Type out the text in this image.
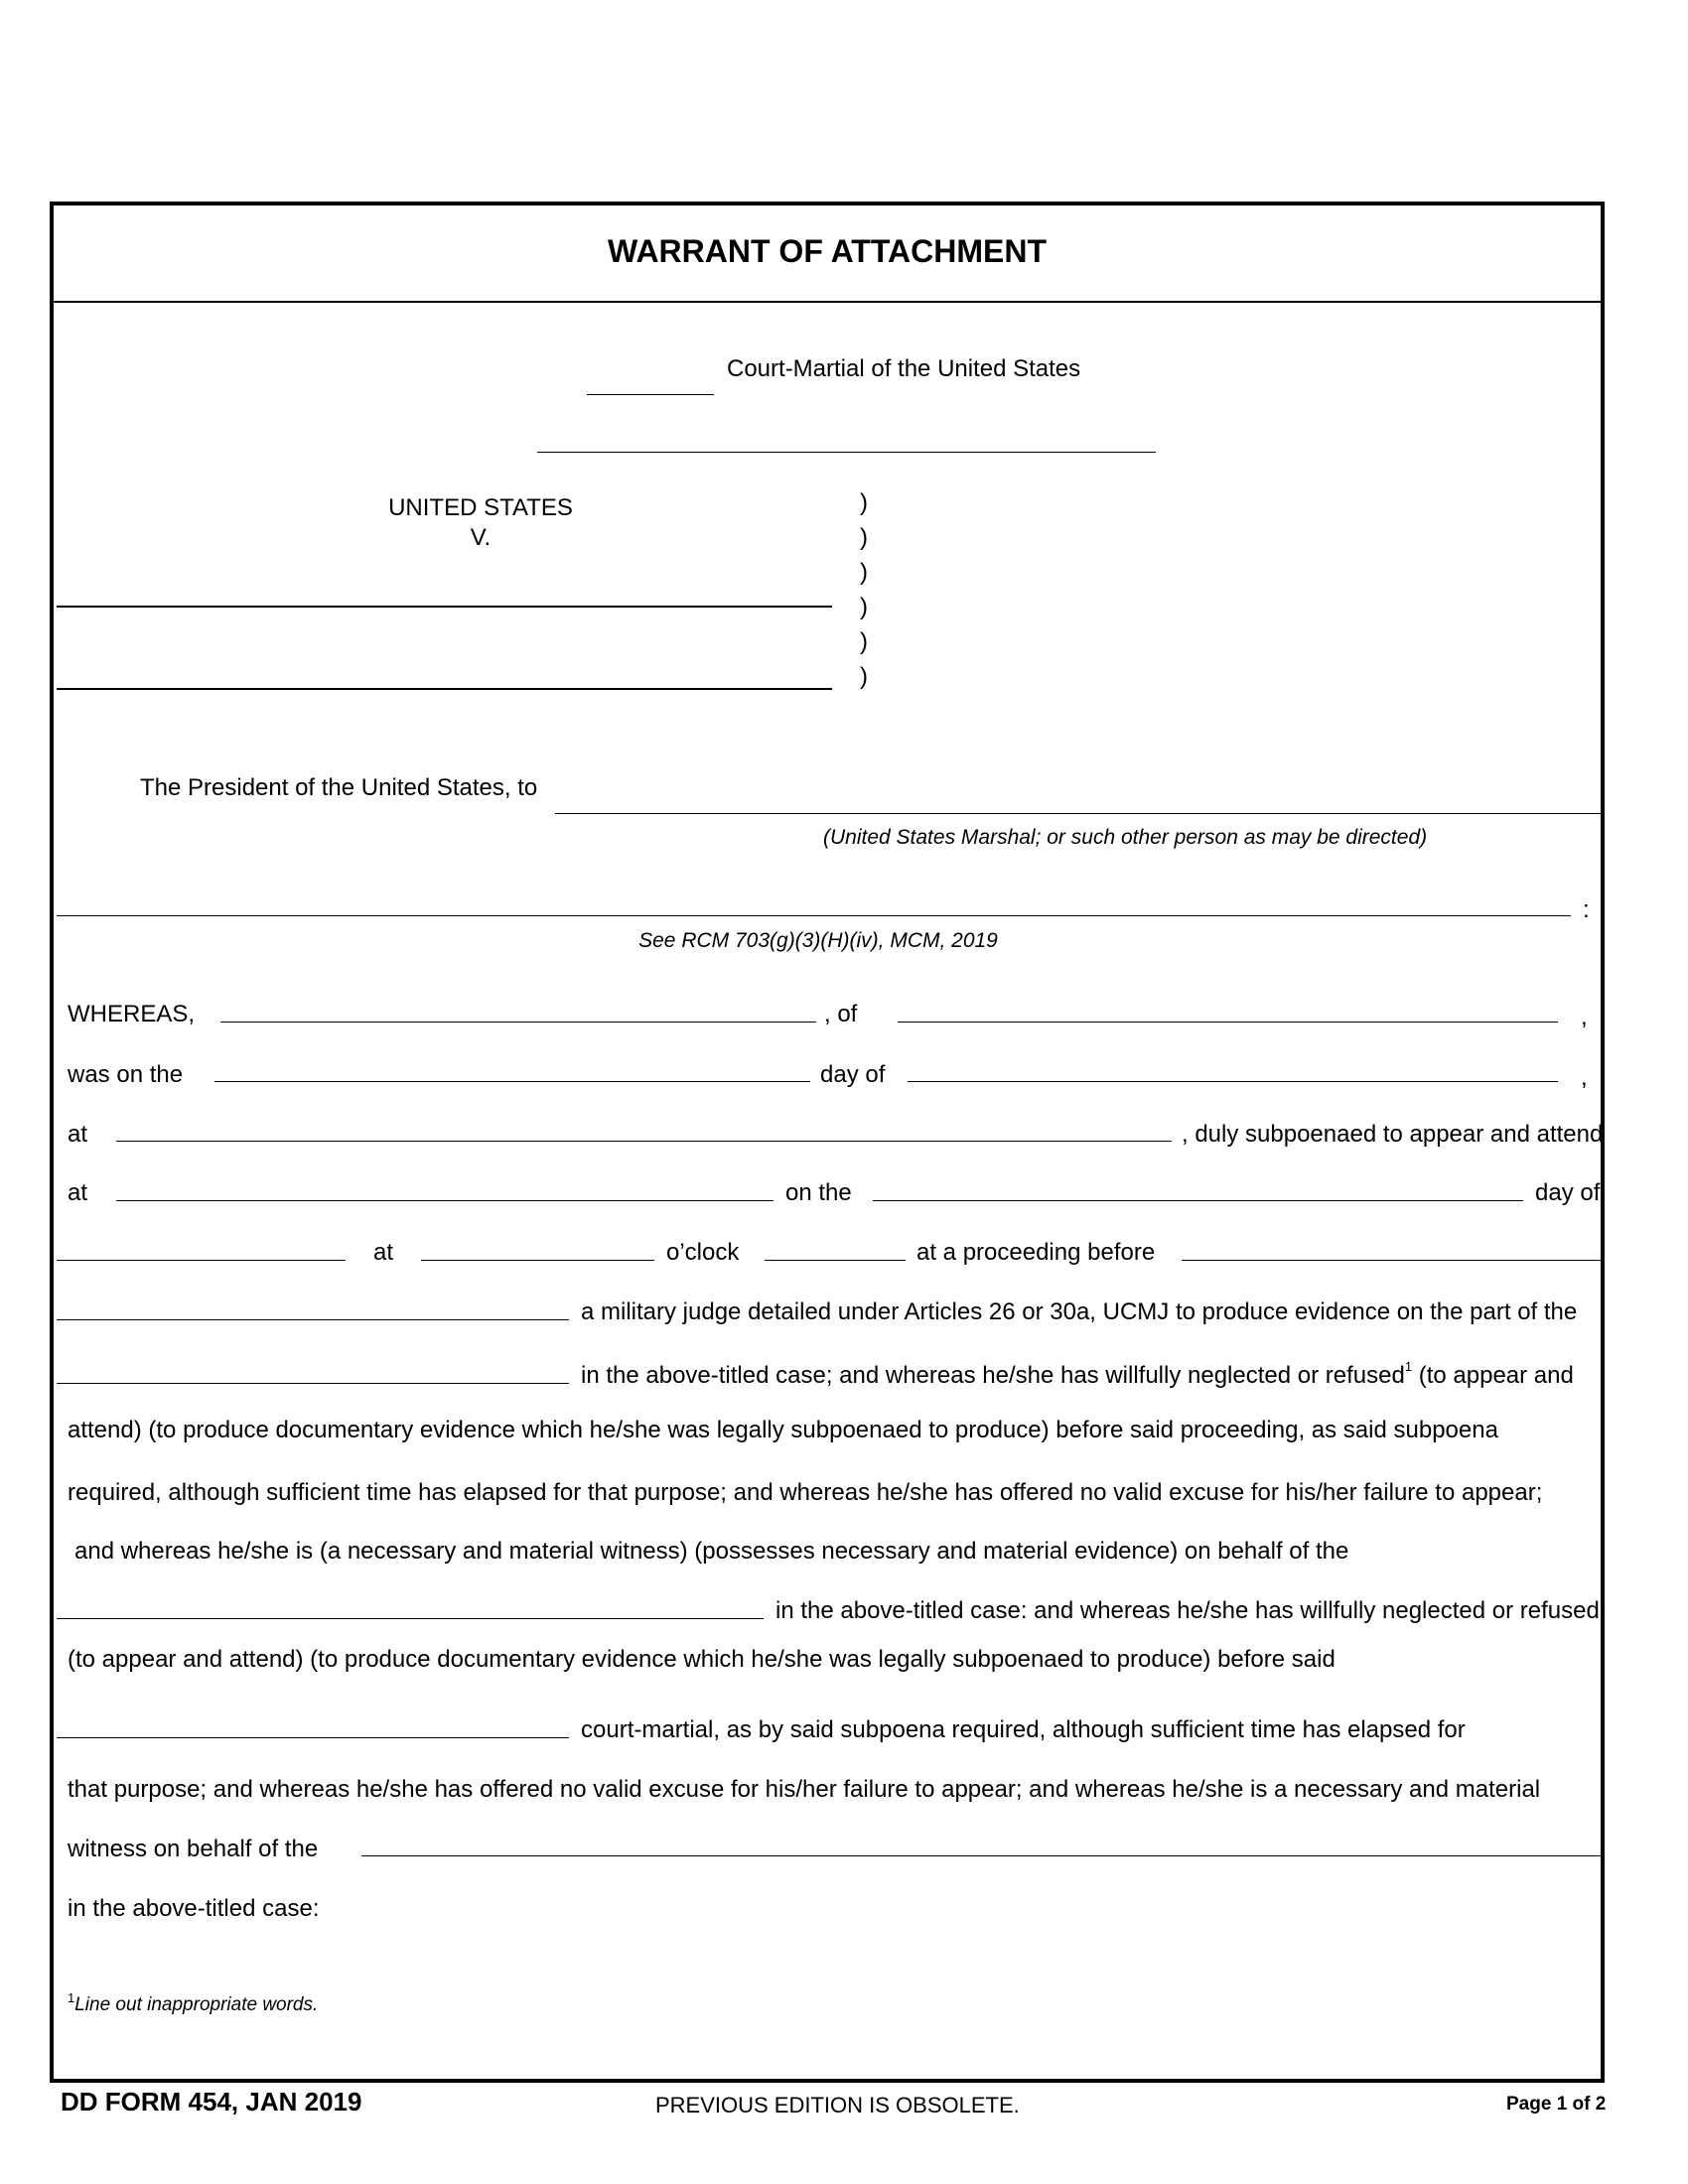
WARRANT OF ATTACHMENT
Court-Martial of the United States
UNITED STATES
V.
)
)
)
)
)
)
The President of the United States, to
(United States Marshal; or such other person as may be directed)
:
See RCM 703(g)(3)(H)(iv), MCM, 2019
WHEREAS,	, of	,
was on the	day of	,
at	, duly subpoenaed to appear and attend
at	on the	day of
at	o’clock	at a proceeding before
a military judge detailed under Articles 26 or 30a, UCMJ to produce evidence on the part of the
in the above-titled case; and whereas he/she has willfully neglected or refused$^1$ (to appear and
attend) (to produce documentary evidence which he/she was legally subpoenaed to produce) before said proceeding, as said subpoena
required, although sufficient time has elapsed for that purpose; and whereas he/she has offered no valid excuse for his/her failure to appear;
and whereas he/she is (a necessary and material witness) (possesses necessary and material evidence) on behalf of the
in the above-titled case: and whereas he/she has willfully neglected or refused
(to appear and attend) (to produce documentary evidence which he/she was legally subpoenaed to produce) before said
court-martial, as by said subpoena required, although sufficient time has elapsed for
that purpose; and whereas he/she has offered no valid excuse for his/her failure to appear; and whereas he/she is a necessary and material
witness on behalf of the
in the above-titled case:
$^1$Line out inappropriate words.
DD FORM 454, JAN 2019	PREVIOUS EDITION IS OBSOLETE.	Page 1 of 2
